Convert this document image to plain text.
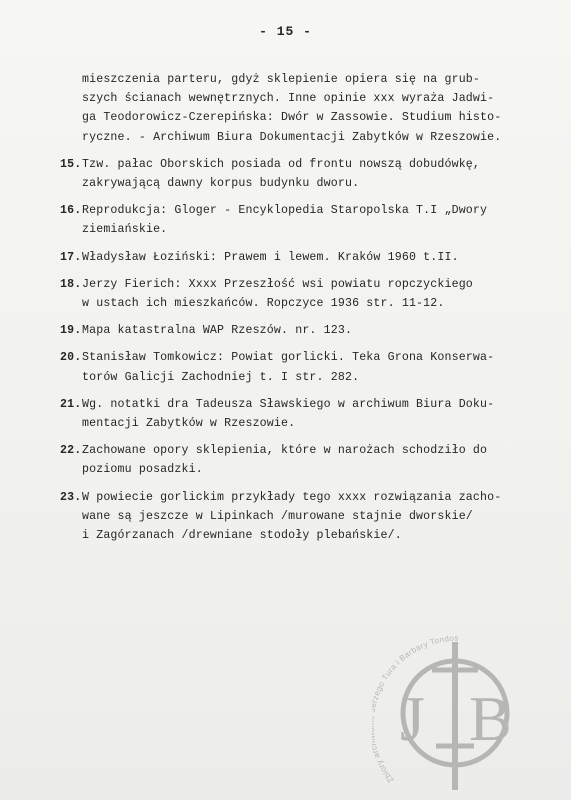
- 15 -
mieszczenia parteru, gdyż sklepienie opiera się na grub-
szych ścianach wewnętrznych. Inne opinie xxx wyraża Jadwi-
ga Teodorowicz-Czerepińska: Dwór w Zassowie. Studium histo-
ryczne. - Archiwum Biura Dokumentacji Zabytków w Rzeszowie.
15. Tzw. pałac Oborskich posiada od frontu nowszą dobudówkę,
zakrywającą dawny korpus budynku dworu.
16. Reprodukcja: Gloger - Encyklopedia Staropolska T.I „Dwory
ziemiańskie.
17. Władysław Łoziński: Prawem i lewem. Kraków 1960 t.II.
18. Jerzy Fierich: Xxxx Przeszłość wsi powiatu ropczyckiego
w ustach ich mieszkańców. Ropczyce 1936 str. 11-12.
19. Mapa katastralna WAP Rzeszów. nr. 123.
20. Stanisław Tomkowicz: Powiat gorlicki. Teka Grona Konserwa-
torów Galicji Zachodniej t. I str. 282.
21. Wg. notatki dra Tadeusza Sławskiego w archiwum Biura Doku-
mentacji Zabytków w Rzeszowie.
22. Zachowane opory sklepienia, które w narożach schodziło do
poziomu posadzki.
23. W powiecie gorlickim przykłady tego xxxx rozwiązania zacho-
wane są jeszcze w Lipinkach /murowane stajnie dworskie/
i Zagórzanach /drewniane stodoły plebańskie/.
J B
Zbiory a ego Tura i Barbary Tondos
